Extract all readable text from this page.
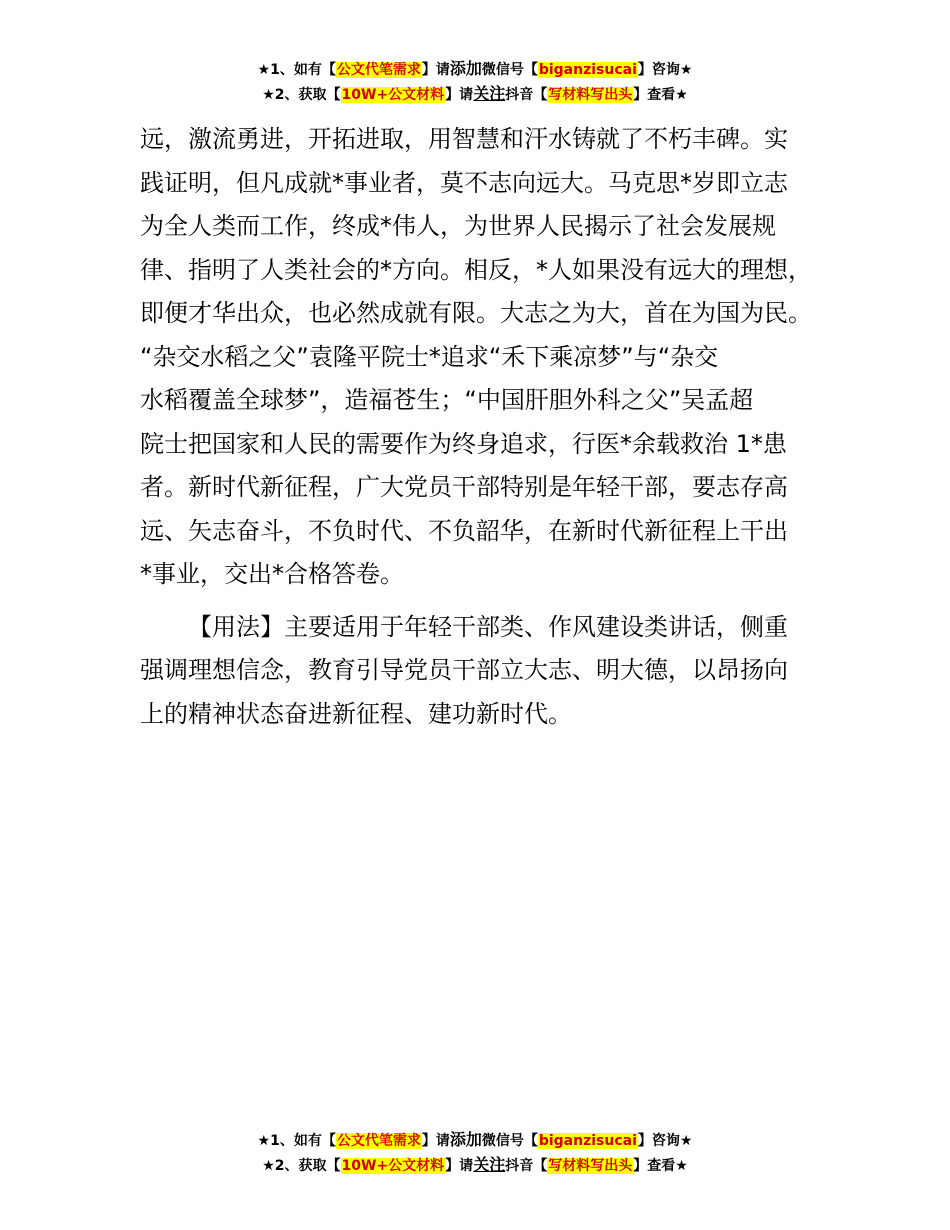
★1、如有【公文代笔需求】请添加微信号【biganzisucai】咨询★
★2、获取【10W+公文材料】请关注抖音【写材料写出头】查看★
远，激流勇进，开拓进取，用智慧和汗水铸就了不朽丰碑。实
践证明，但凡成就*事业者，莫不志向远大。马克思*岁即立志
为全人类而工作，终成*伟人，为世界人民揭示了社会发展规
律、指明了人类社会的*方向。相反，*人如果没有远大的理想，
即便才华出众，也必然成就有限。大志之为大，首在为国为民。
“杂交水稻之父”袁隆平院士*追求“禾下乘凉梦”与“杂交
水稻覆盖全球梦”，造福苍生；“中国肝胆外科之父”吴孟超
院士把国家和人民的需要作为终身追求，行医*余载救治 1*患
者。新时代新征程，广大党员干部特别是年轻干部，要志存高
远、矢志奋斗，不负时代、不负韶华，在新时代新征程上干出
*事业，交出*合格答卷。
【用法】主要适用于年轻干部类、作风建设类讲话，侧重
强调理想信念，教育引导党员干部立大志、明大德，以昂扬向
上的精神状态奋进新征程、建功新时代。
★1、如有【公文代笔需求】请添加微信号【biganzisucai】咨询★
★2、获取【10W+公文材料】请关注抖音【写材料写出头】查看★
